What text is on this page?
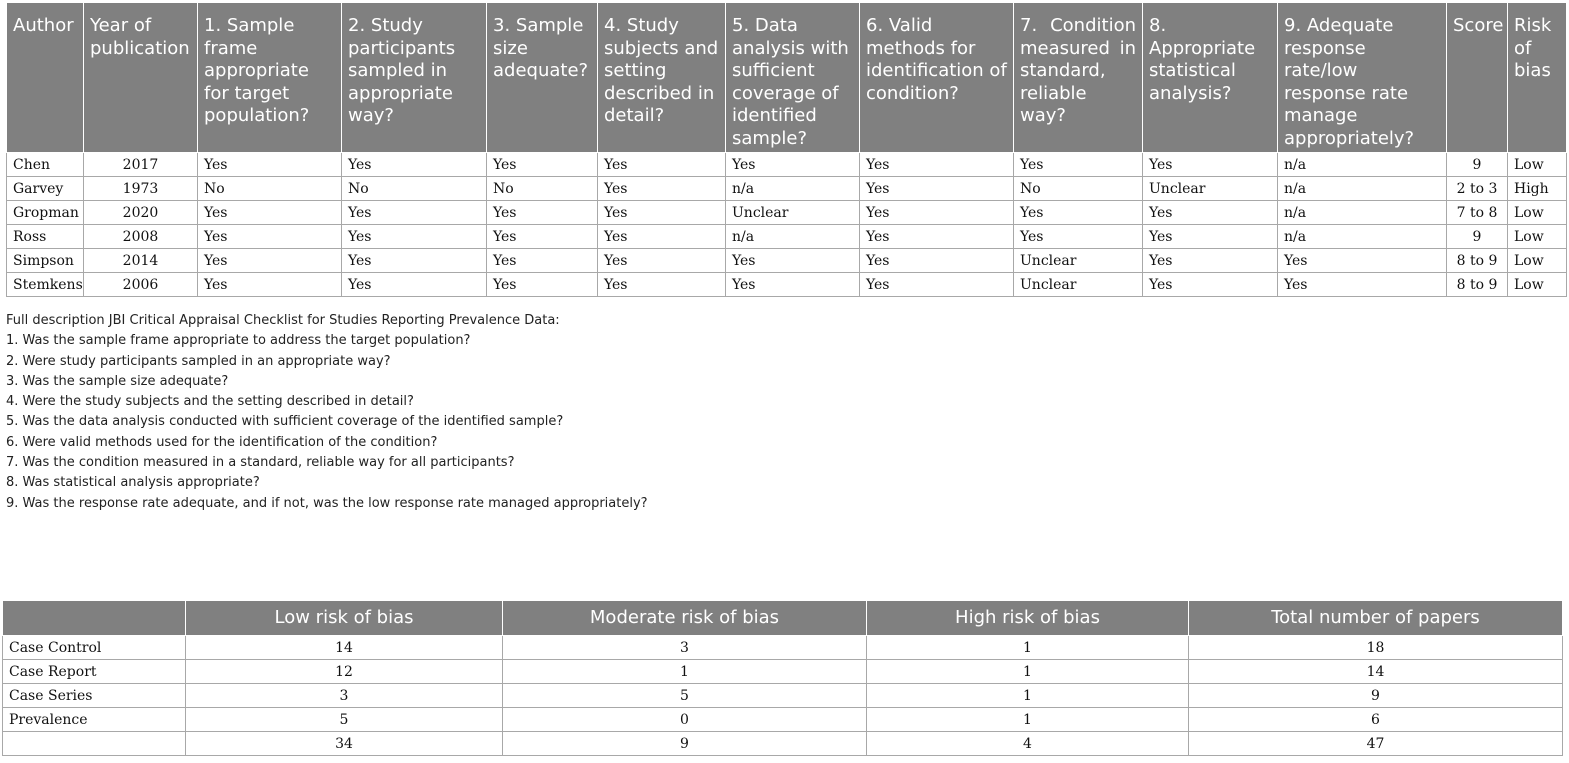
Author	Year of publication	1. Sample frame appropriate for target population?	2. Study participants sampled in appropriate way?	3. Sample size adequate?	4. Study subjects and setting described in detail?	5. Data analysis with sufficient coverage of identified sample?	6. Valid methods for identification of condition?	7. Condition measured in standard, reliable way?	8. Appropriate statistical analysis?	9. Adequate response rate/low response rate manage appropriately?	Score	Risk of bias
Chen	2017	Yes	Yes	Yes	Yes	Yes	Yes	Yes	Yes	n/a	9	Low
Garvey	1973	No	No	No	Yes	n/a	Yes	No	Unclear	n/a	2 to 3	High
Gropman	2020	Yes	Yes	Yes	Yes	Unclear	Yes	Yes	Yes	n/a	7 to 8	Low
Ross	2008	Yes	Yes	Yes	Yes	n/a	Yes	Yes	Yes	n/a	9	Low
Simpson	2014	Yes	Yes	Yes	Yes	Yes	Yes	Unclear	Yes	Yes	8 to 9	Low
Stemkens	2006	Yes	Yes	Yes	Yes	Yes	Yes	Unclear	Yes	Yes	8 to 9	Low
Full description JBI Critical Appraisal Checklist for Studies Reporting Prevalence Data:
1. Was the sample frame appropriate to address the target population?
2. Were study participants sampled in an appropriate way?
3. Was the sample size adequate?
4. Were the study subjects and the setting described in detail?
5. Was the data analysis conducted with sufficient coverage of the identified sample?
6. Were valid methods used for the identification of the condition?
7. Was the condition measured in a standard, reliable way for all participants?
8. Was statistical analysis appropriate?
9. Was the response rate adequate, and if not, was the low response rate managed appropriately?
	Low risk of bias	Moderate risk of bias	High risk of bias	Total number of papers
Case Control	14	3	1	18
Case Report	12	1	1	14
Case Series	3	5	1	9
Prevalence	5	0	1	6
	34	9	4	47
